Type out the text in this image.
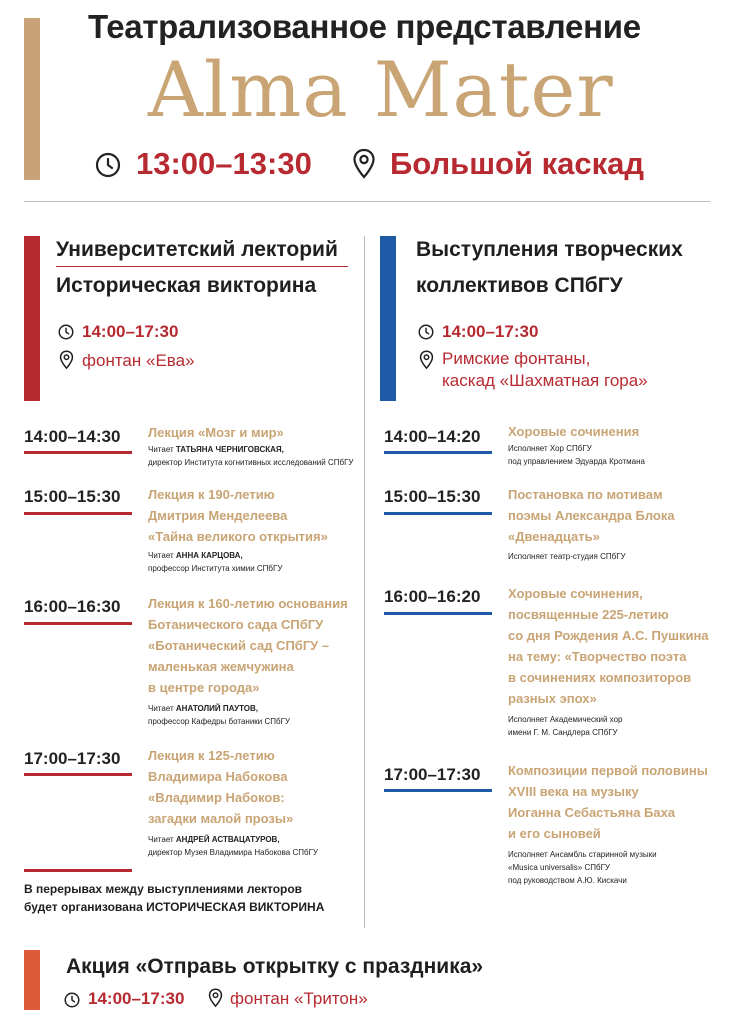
Театрализованное представление
Alma Mater
13:00–13:30	Большой каскад
Университетский лекторий
Историческая викторина
14:00–17:30
фонтан «Ева»
Выступления творческих
коллективов СПбГУ
14:00–17:30
Римские фонтаны,
каскад «Шахматная гора»
14:00–14:30 Лекция «Мозг и мир»
Читает ТАТЬЯНА ЧЕРНИГОВСКАЯ,
директор Института когнитивных исследований СПбГУ
15:00–15:30 Лекция к 190-летию
Дмитрия Менделеева
«Тайна великого открытия»
Читает АННА КАРЦОВА,
профессор Института химии СПбГУ
16:00–16:30 Лекция к 160-летию основания
Ботанического сада СПбГУ
«Ботанический сад СПбГУ –
маленькая жемчужина
в центре города»
Читает АНАТОЛИЙ ПАУТОВ,
профессор Кафедры ботаники СПбГУ
17:00–17:30 Лекция к 125-летию
Владимира Набокова
«Владимир Набоков:
загадки малой прозы»
Читает АНДРЕЙ АСТВАЦАТУРОВ,
директор Музея Владимира Набокова СПбГУ
В перерывах между выступлениями лекторов
будет организована ИСТОРИЧЕСКАЯ ВИКТОРИНА
14:00–14:20 Хоровые сочинения
Исполняет Хор СПбГУ
под управлением Эдуарда Кротмана
15:00–15:30 Постановка по мотивам
поэмы Александра Блока
«Двенадцать»
Исполняет театр-студия СПбГУ
16:00–16:20 Хоровые сочинения,
посвященные 225-летию
со дня Рождения А.С. Пушкина
на тему: «Творчество поэта
в сочинениях композиторов
разных эпох»
Исполняет Академический хор
имени Г. М. Сандлера СПбГУ
17:00–17:30 Композиции первой половины
XVIII века на музыку
Иоганна Себастьяна Баха
и его сыновей
Исполняет Ансамбль старинной музыки
«Musica universalis» СПбГУ
под руководством А.Ю. Кискачи
Акция «Отправь открытку с праздника»
14:00–17:30	фонтан «Тритон»
